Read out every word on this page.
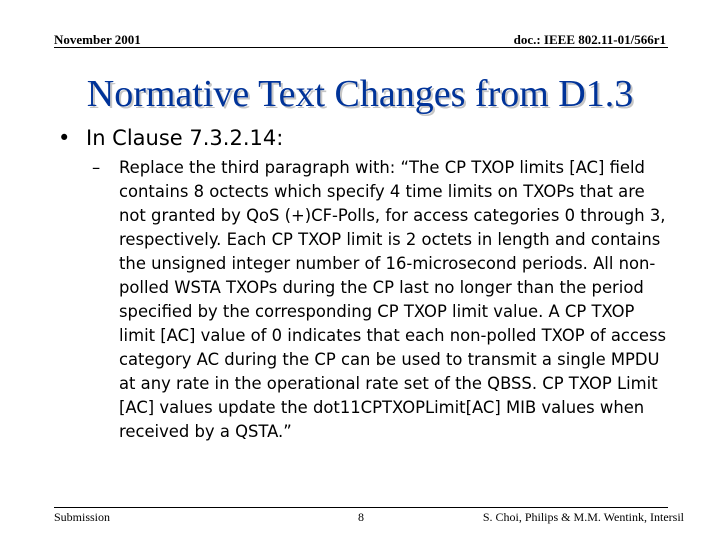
November 2001	doc.: IEEE 802.11-01/566r1
Normative Text Changes from D1.3
• In Clause 7.3.2.14:
– Replace the third paragraph with: “The CP TXOP limits [AC] field contains 8 octects which specify 4 time limits on TXOPs that are not granted by QoS (+)CF-Polls, for access categories 0 through 3, respectively. Each CP TXOP limit is 2 octets in length and contains the unsigned integer number of 16-microsecond periods. All non-polled WSTA TXOPs during the CP last no longer than the period specified by the corresponding CP TXOP limit value. A CP TXOP limit [AC] value of 0 indicates that each non-polled TXOP of access category AC during the CP can be used to transmit a single MPDU at any rate in the operational rate set of the QBSS. CP TXOP Limit [AC] values update the dot11CPTXOPLimit[AC] MIB values when received by a QSTA.”
Submission	8	S. Choi, Philips & M.M. Wentink, Intersil
